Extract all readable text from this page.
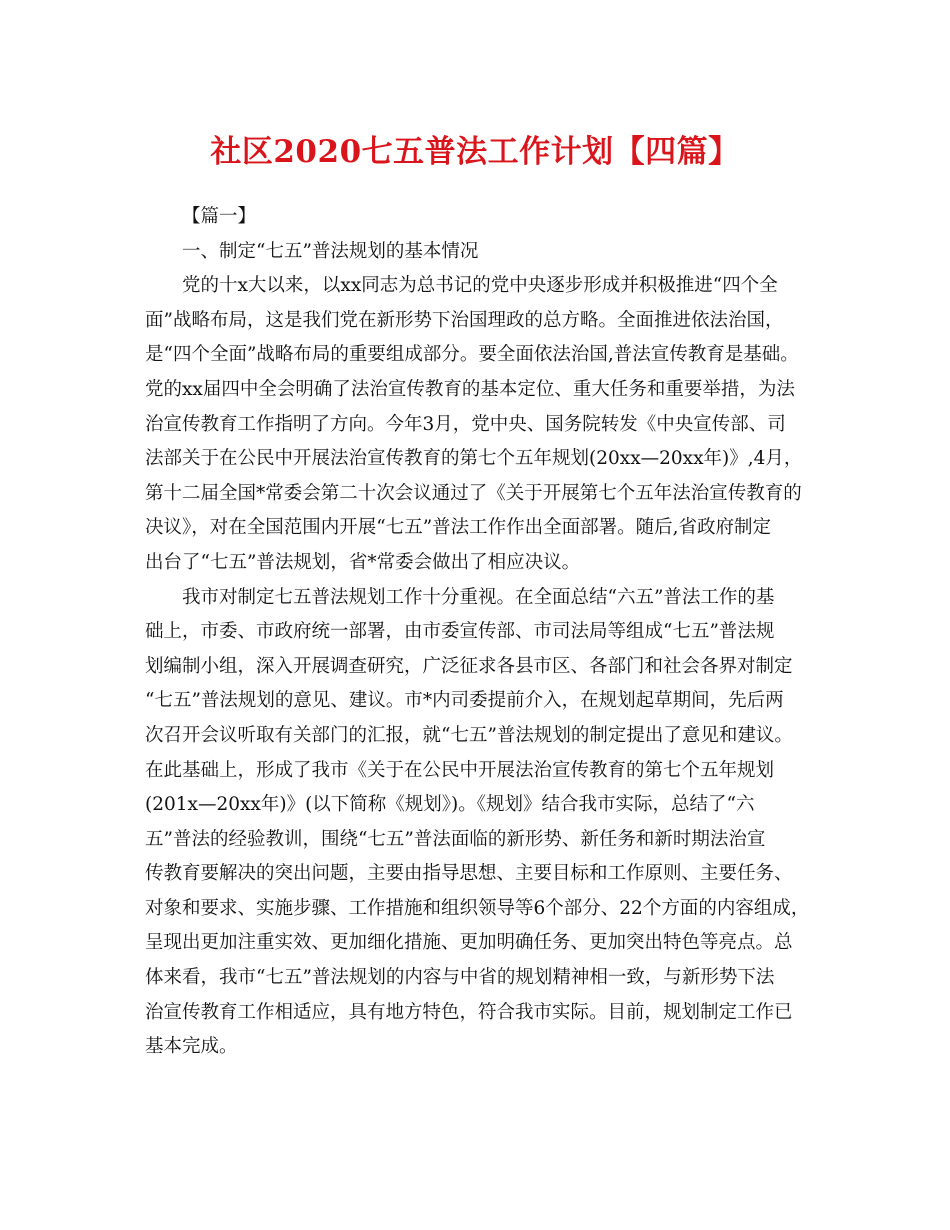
社区2020七五普法工作计划【四篇】

【篇一】

一、制定“七五”普法规划的基本情况

党的十x大以来，以xx同志为总书记的党中央逐步形成并积极推进“四个全
面”战略布局，这是我们党在新形势下治国理政的总方略。全面推进依法治国，
是“四个全面”战略布局的重要组成部分。要全面依法治国,普法宣传教育是基础。
党的xx届四中全会明确了法治宣传教育的基本定位、重大任务和重要举措，为法
治宣传教育工作指明了方向。今年3月，党中央、国务院转发《中央宣传部、司
法部关于在公民中开展法治宣传教育的第七个五年规划(20xx—20xx年)》,4月，
第十二届全国*常委会第二十次会议通过了《关于开展第七个五年法治宣传教育的
决议》，对在全国范围内开展“七五”普法工作作出全面部署。随后,省政府制定
出台了“七五”普法规划，省*常委会做出了相应决议。
我市对制定七五普法规划工作十分重视。在全面总结“六五”普法工作的基
础上，市委、市政府统一部署，由市委宣传部、市司法局等组成“七五”普法规
划编制小组，深入开展调查研究，广泛征求各县市区、各部门和社会各界对制定
“七五”普法规划的意见、建议。市*内司委提前介入，在规划起草期间，先后两
次召开会议听取有关部门的汇报，就“七五”普法规划的制定提出了意见和建议。
在此基础上，形成了我市《关于在公民中开展法治宣传教育的第七个五年规划
(201x—20xx年)》(以下简称《规划》)。《规划》结合我市实际，总结了“六
五”普法的经验教训，围绕“七五”普法面临的新形势、新任务和新时期法治宣
传教育要解决的突出问题，主要由指导思想、主要目标和工作原则、主要任务、
对象和要求、实施步骤、工作措施和组织领导等6个部分、22个方面的内容组成，
呈现出更加注重实效、更加细化措施、更加明确任务、更加突出特色等亮点。总
体来看，我市“七五”普法规划的内容与中省的规划精神相一致，与新形势下法
治宣传教育工作相适应，具有地方特色，符合我市实际。目前，规划制定工作已
基本完成。
